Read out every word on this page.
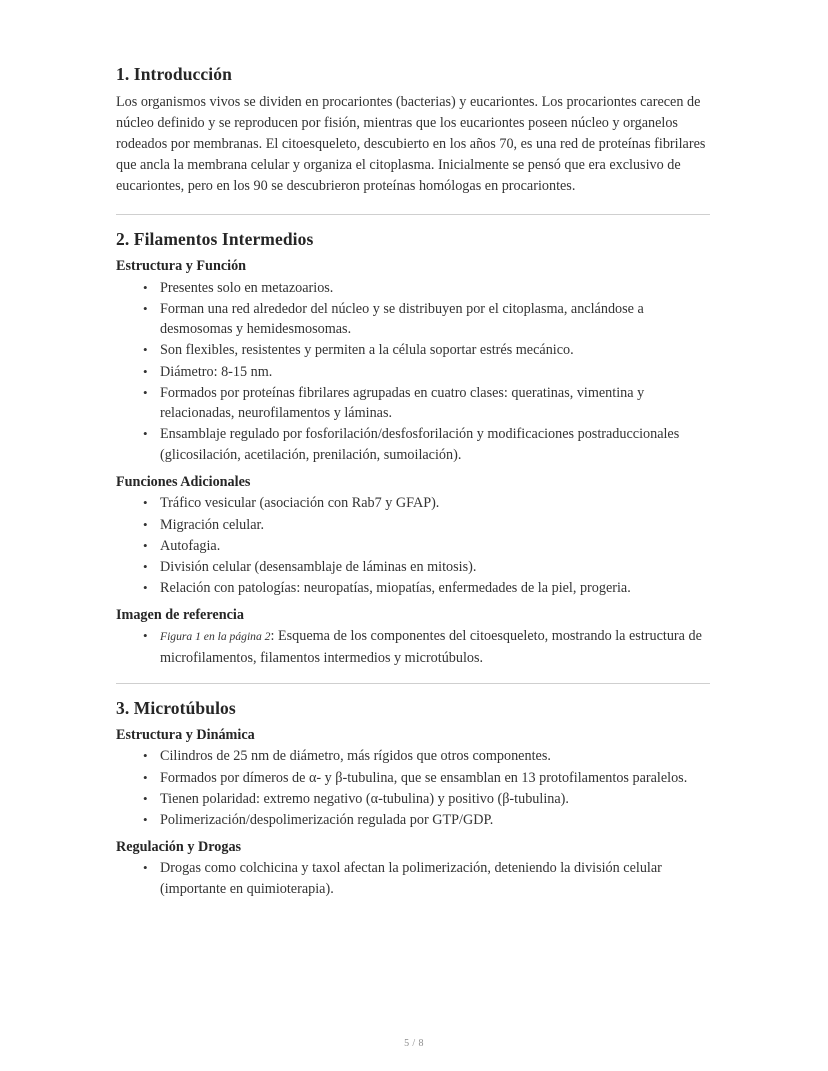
1. Introducción

Los organismos vivos se dividen en procariontes (bacterias) y eucariontes. Los procariontes carecen de núcleo definido y se reproducen por fisión, mientras que los eucariontes poseen núcleo y organelos rodeados por membranas. El citoesqueleto, descubierto en los años 70, es una red de proteínas fibrilares que ancla la membrana celular y organiza el citoplasma. Inicialmente se pensó que era exclusivo de eucariontes, pero en los 90 se descubrieron proteínas homólogas en procariontes.

2. Filamentos Intermedios
Estructura y Función
• Presentes solo en metazoarios.
• Forman una red alrededor del núcleo y se distribuyen por el citoplasma, anclándose a desmosomas y hemidesmosomas.
• Son flexibles, resistentes y permiten a la célula soportar estrés mecánico.
• Diámetro: 8-15 nm.
• Formados por proteínas fibrilares agrupadas en cuatro clases: queratinas, vimentina y relacionadas, neurofilamentos y láminas.
• Ensamblaje regulado por fosforilación/desfosforilación y modificaciones postraduccionales (glicosilación, acetilación, prenilación, sumoilación).
Funciones Adicionales
• Tráfico vesicular (asociación con Rab7 y GFAP).
• Migración celular.
• Autofagia.
• División celular (desensamblaje de láminas en mitosis).
• Relación con patologías: neuropatías, miopatías, enfermedades de la piel, progeria.
Imagen de referencia
• Figura 1 en la página 2: Esquema de los componentes del citoesqueleto, mostrando la estructura de microfilamentos, filamentos intermedios y microtúbulos.
3. Microtúbulos
Estructura y Dinámica
• Cilindros de 25 nm de diámetro, más rígidos que otros componentes.
• Formados por dímeros de α- y β-tubulina, que se ensamblan en 13 protofilamentos paralelos.
• Tienen polaridad: extremo negativo (α-tubulina) y positivo (β-tubulina).
• Polimerización/despolimerización regulada por GTP/GDP.
Regulación y Drogas
• Drogas como colchicina y taxol afectan la polimerización, deteniendo la división celular (importante en quimioterapia).
5 / 8
